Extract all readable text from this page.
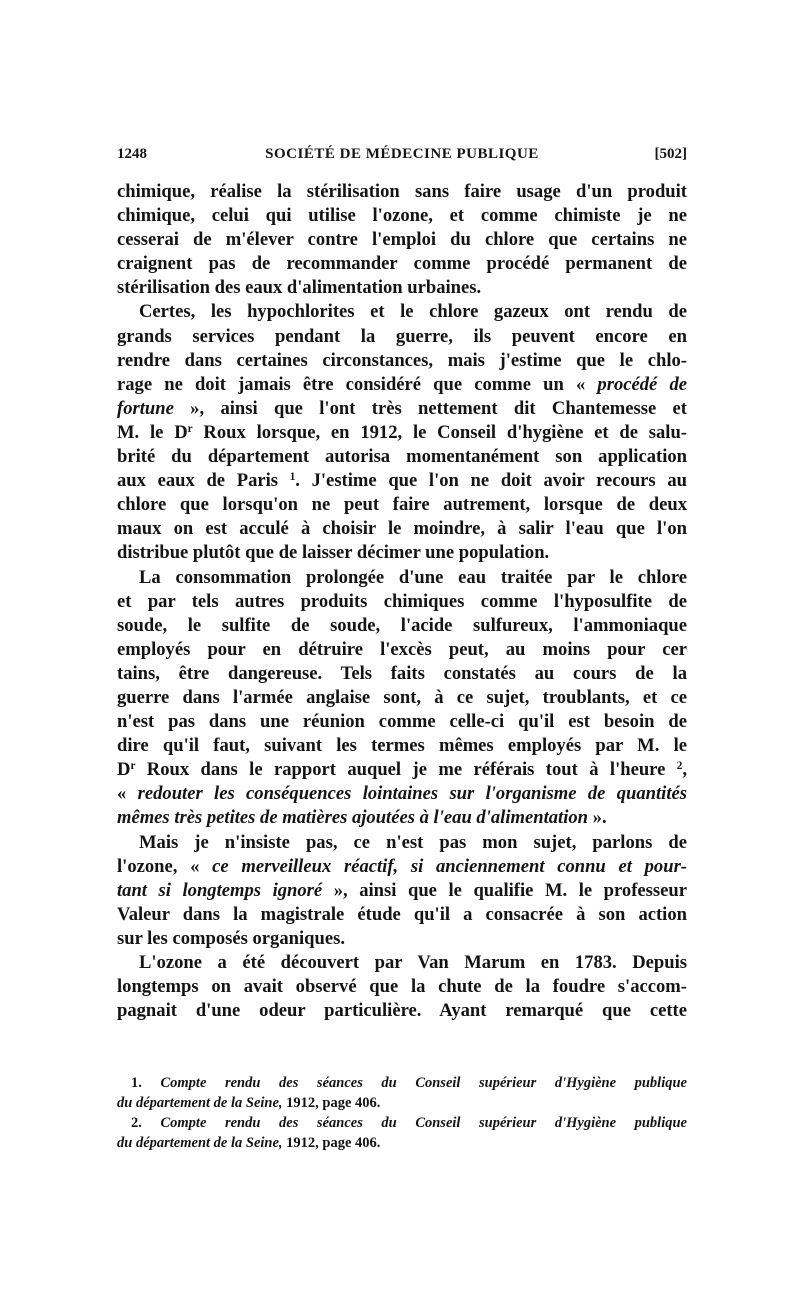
1248	SOCIÉTÉ DE MÉDECINE PUBLIQUE	[502]
chimique, réalise la stérilisation sans faire usage d'un produit
chimique, celui qui utilise l'ozone, et comme chimiste je ne
cesserai de m'élever contre l'emploi du chlore que certains ne
craignent pas de recommander comme procédé permanent de
stérilisation des eaux d'alimentation urbaines.
Certes, les hypochlorites et le chlore gazeux ont rendu de
grands services pendant la guerre, ils peuvent encore en
rendre dans certaines circonstances, mais j'estime que le chlo-
rage ne doit jamais être considéré que comme un « procédé de
fortune », ainsi que l'ont très nettement dit Chantemesse et
M. le $D^r$ Roux lorsque, en 1912, le Conseil d'hygiène et de salu-
brité du département autorisa momentanément son application
aux eaux de Paris $^1$. J'estime que l'on ne doit avoir recours au
chlore que lorsqu'on ne peut faire autrement, lorsque de deux
maux on est acculé à choisir le moindre, à salir l'eau que l'on
distribue plutôt que de laisser décimer une population.
La consommation prolongée d'une eau traitée par le chlore
et par tels autres produits chimiques comme l'hyposulfite de
soude, le sulfite de soude, l'acide sulfureux, l'ammoniaque
employés pour en détruire l'excès peut, au moins pour cer
tains, être dangereuse. Tels faits constatés au cours de la
guerre dans l'armée anglaise sont, à ce sujet, troublants, et ce
n'est pas dans une réunion comme celle-ci qu'il est besoin de
dire qu'il faut, suivant les termes mêmes employés par M. le
$D^r$ Roux dans le rapport auquel je me référais tout à l'heure $^2$,
« redouter les conséquences lointaines sur l'organisme de quantités
mêmes très petites de matières ajoutées à l'eau d'alimentation ».
Mais je n'insiste pas, ce n'est pas mon sujet, parlons de
l'ozone, « ce merveilleux réactif, si anciennement connu et pour-
tant si longtemps ignoré », ainsi que le qualifie M. le professeur
Valeur dans la magistrale étude qu'il a consacrée à son action
sur les composés organiques.
L'ozone a été découvert par Van Marum en 1783. Depuis
longtemps on avait observé que la chute de la foudre s'accom-
pagnait d'une odeur particulière. Ayant remarqué que cette
1. Compte rendu des séances du Conseil supérieur d'Hygiène publique
du département de la Seine, 1912, page 406.
2. Compte rendu des séances du Conseil supérieur d'Hygiène publique
du département de la Seine, 1912, page 406.
